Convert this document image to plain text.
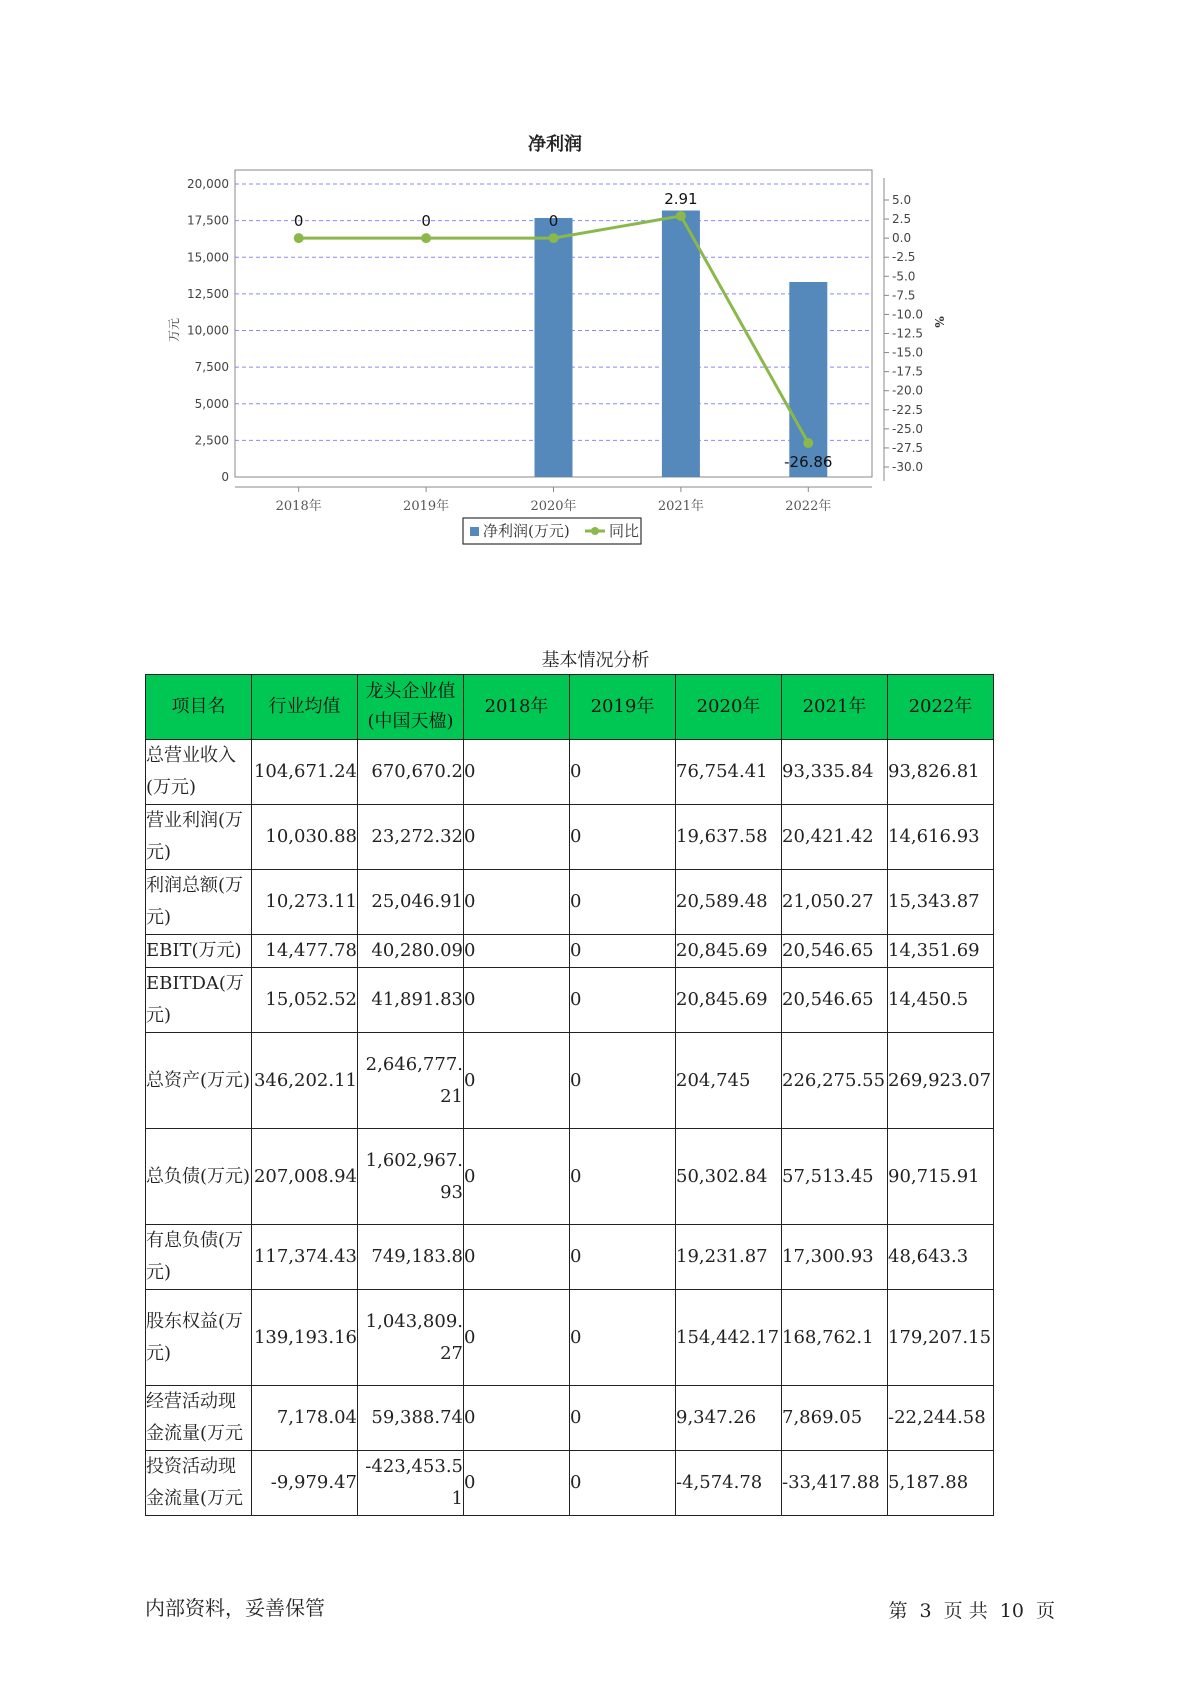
净利润
0
2,500
5,000
7,500
10,000
12,500
15,000
17,500
20,000
5.0
2.5
0.0
-2.5
-5.0
-7.5
-10.0
-12.5
-15.0
-17.5
-20.0
-22.5
-25.0
-27.5
-30.0
万元	%
2018年	2019年	2020年	2021年	2022年
0	0	0
2.91
-26.86
净利润(万元)	同比
基本情况分析
项目名	行业均值	龙头企业值(中国天楹)	2018年	2019年	2020年	2021年	2022年
总营业收入(万元)	104,671.24	670,670.2	0	0	76,754.41	93,335.84	93,826.81
营业利润(万元)	10,030.88	23,272.32	0	0	19,637.58	20,421.42	14,616.93
利润总额(万元)	10,273.11	25,046.91	0	0	20,589.48	21,050.27	15,343.87
EBIT(万元)	14,477.78	40,280.09	0	0	20,845.69	20,546.65	14,351.69
EBITDA(万元)	15,052.52	41,891.83	0	0	20,845.69	20,546.65	14,450.5
总资产(万元)	346,202.11	2,646,777.21	0	0	204,745	226,275.55	269,923.07
总负债(万元)	207,008.94	1,602,967.93	0	0	50,302.84	57,513.45	90,715.91
有息负债(万元)	117,374.43	749,183.8	0	0	19,231.87	17,300.93	48,643.3
股东权益(万元)	139,193.16	1,043,809.27	0	0	154,442.17	168,762.1	179,207.15
经营活动现金流量(万元	7,178.04	59,388.74	0	0	9,347.26	7,869.05	-22,244.58
投资活动现金流量(万元	-9,979.47	-423,453.51	0	0	-4,574.78	-33,417.88	5,187.88
内部资料，妥善保管	第 3 页 共 10 页
